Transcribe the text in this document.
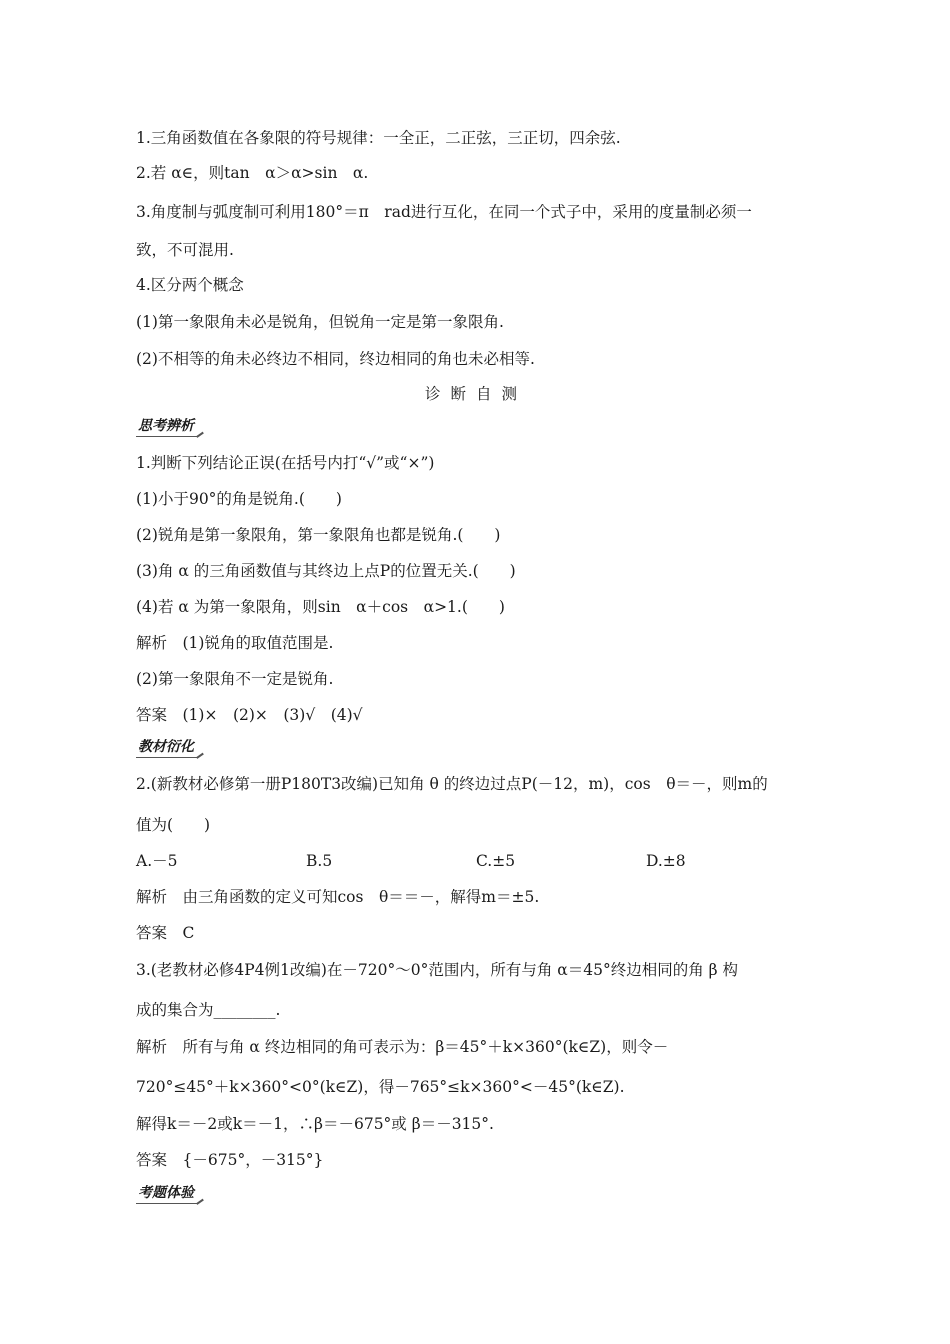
1.三角函数值在各象限的符号规律：一全正，二正弦，三正切，四余弦.
2.若 α∈，则tan　α＞α>sin　α.
3.角度制与弧度制可利用180°＝π　rad进行互化，在同一个式子中，采用的度量制必须一
致，不可混用.
4.区分两个概念
(1)第一象限角未必是锐角，但锐角一定是第一象限角.
(2)不相等的角未必终边不相同，终边相同的角也未必相等.
诊断自测
思考辨析
1.判断下列结论正误(在括号内打“√”或“×”)
(1)小于90°的角是锐角.(　　)
(2)锐角是第一象限角，第一象限角也都是锐角.(　　)
(3)角 α 的三角函数值与其终边上点P的位置无关.(　　)
(4)若 α 为第一象限角，则sin　α＋cos　α>1.(　　)
解析　(1)锐角的取值范围是.
(2)第一象限角不一定是锐角.
答案　(1)×　(2)×　(3)√　(4)√
教材衍化
2.(新教材必修第一册P180T3改编)已知角 θ 的终边过点P(－12，m)，cos　θ＝－，则m的
值为(　　)
A.－5	B.5	C.±5	D.±8
解析　由三角函数的定义可知cos　θ＝＝－，解得m＝±5.
答案　C
3.(老教材必修4P4例1改编)在－720°～0°范围内，所有与角 α＝45°终边相同的角 β 构
成的集合为________.
解析　所有与角 α 终边相同的角可表示为：β＝45°＋k×360°(k∈Z)，则令－
720°≤45°＋k×360°<0°(k∈Z)，得－765°≤k×360°<－45°(k∈Z).
解得k＝－2或k＝－1，∴β＝－675°或 β＝－315°.
答案　{－675°，－315°}
考题体验
